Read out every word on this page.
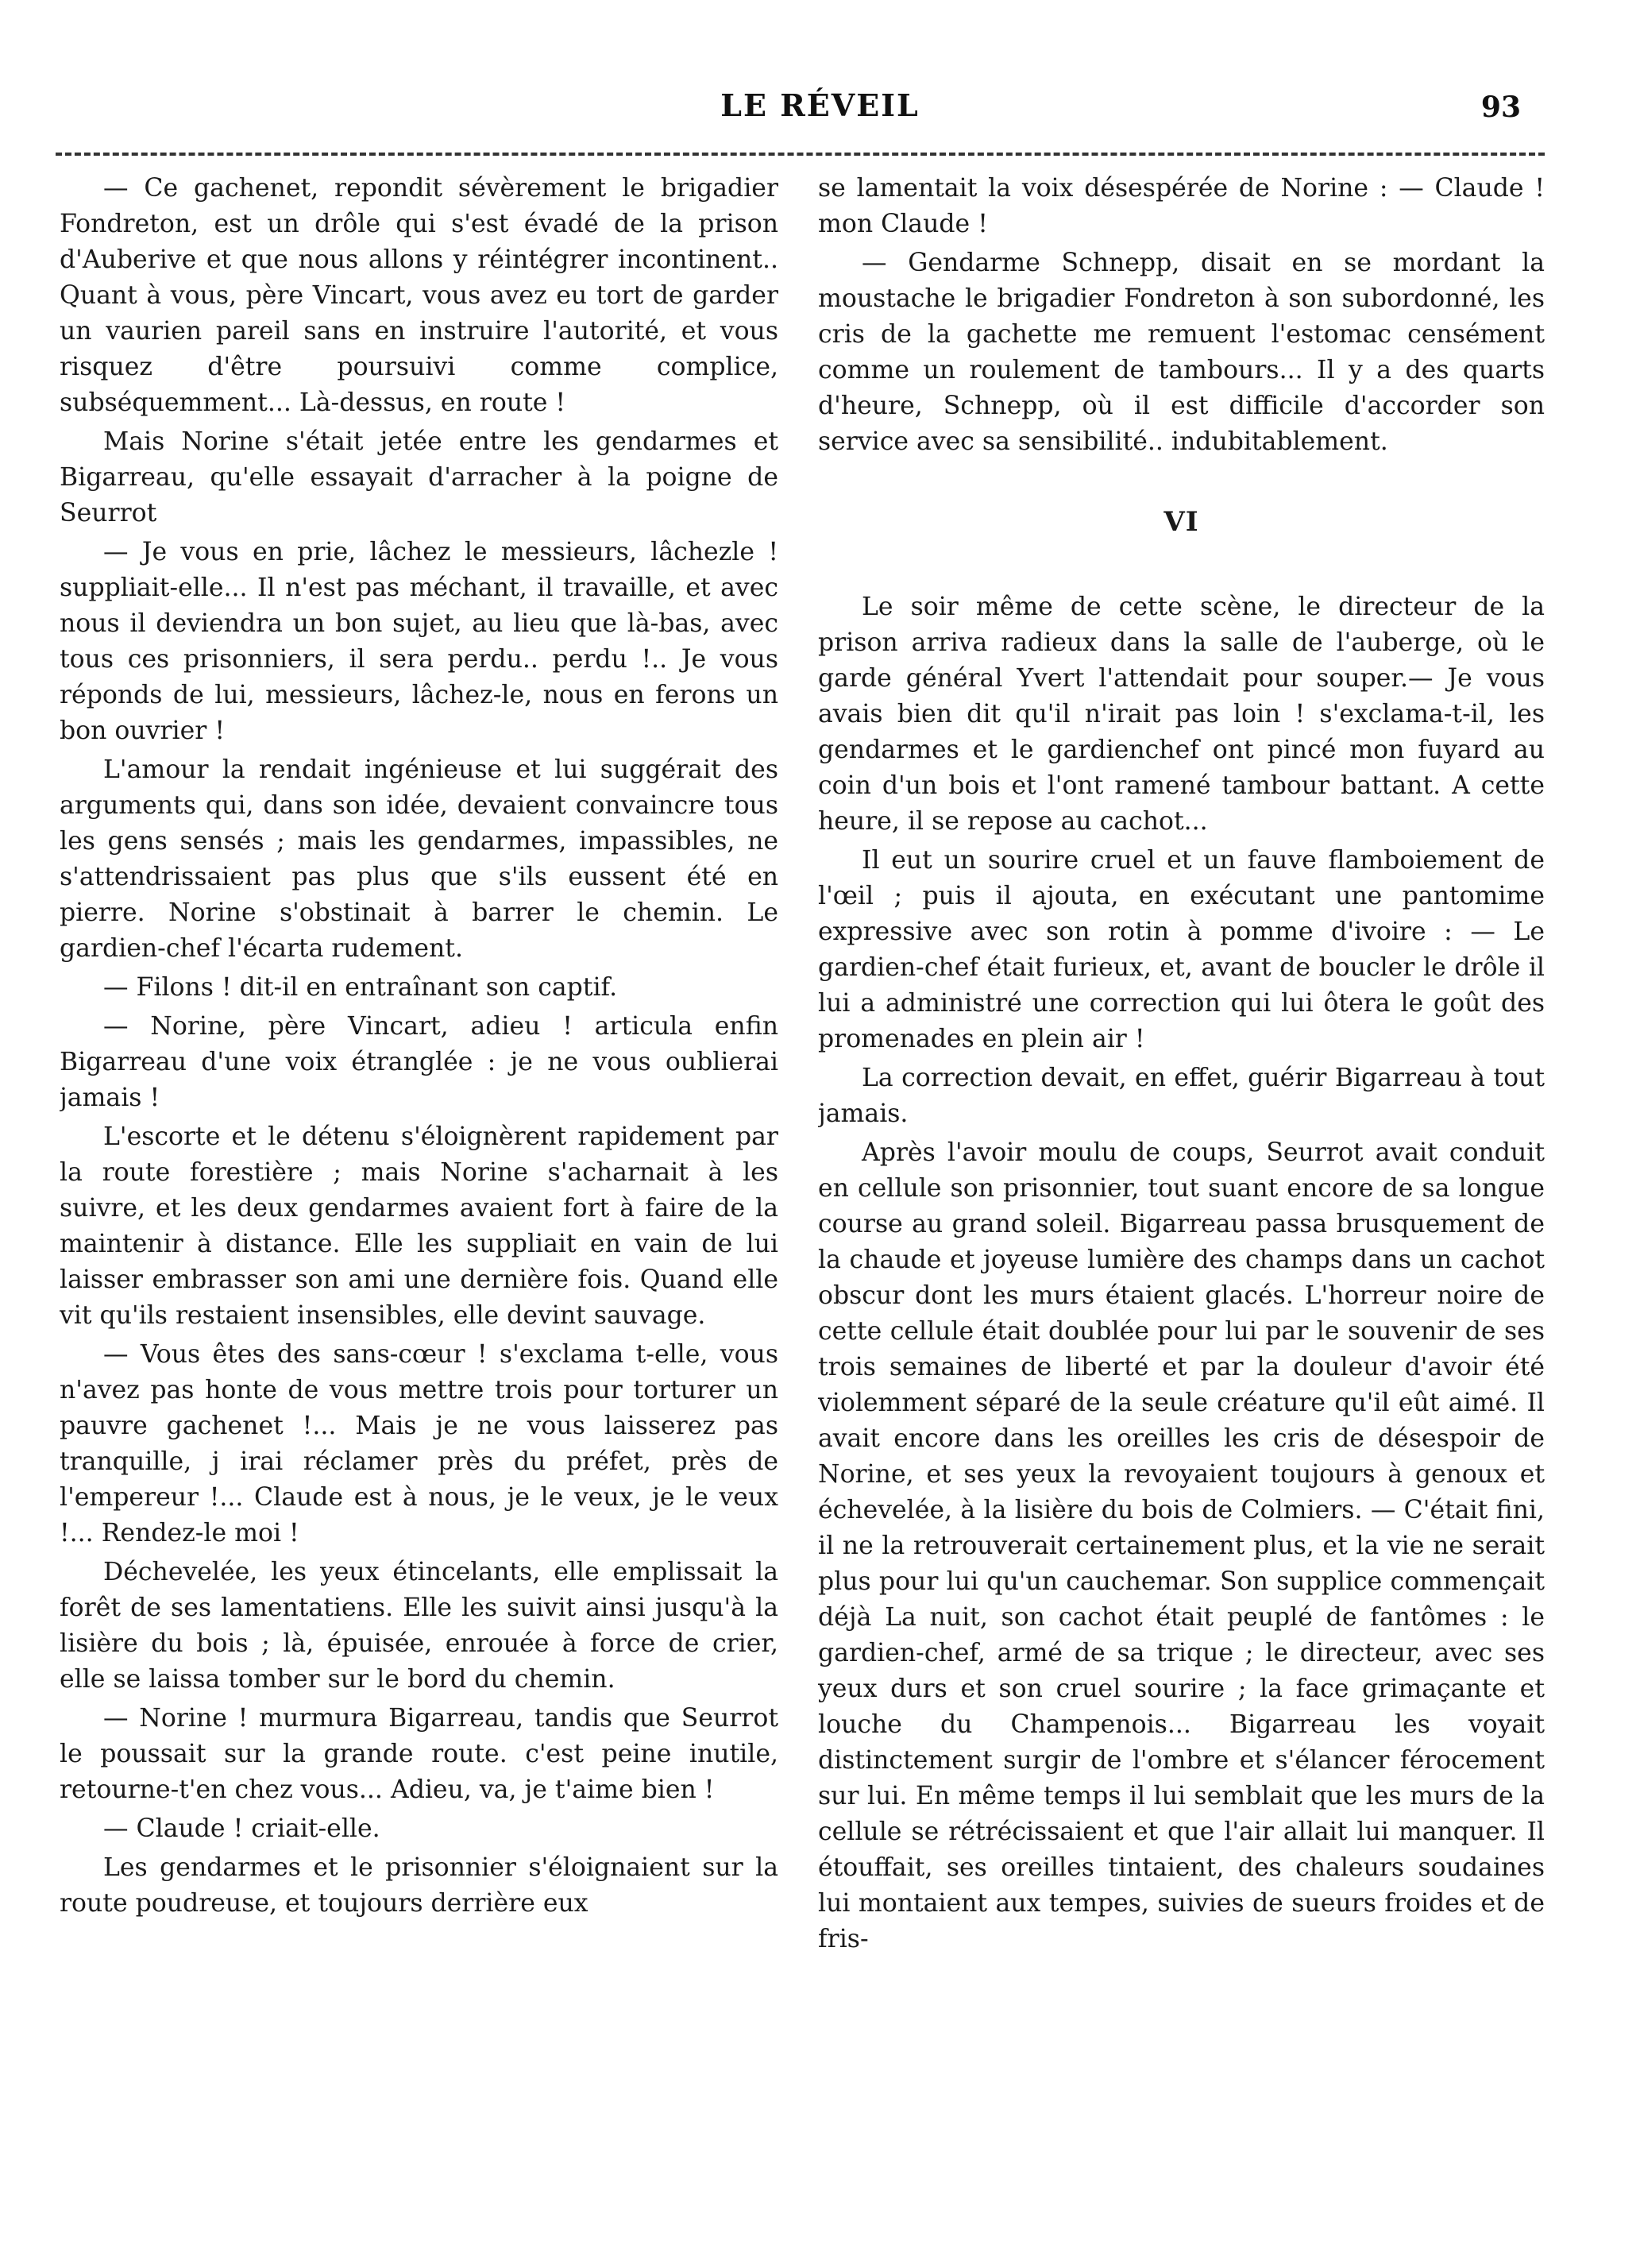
LE RÉVEIL	93

— Ce gachenet, repondit sévèrement le brigadier Fondreton, est un drôle qui s'est évadé de la prison d'Auberive et que nous allons y réintégrer incontinent.. Quant à vous, père Vincart, vous avez eu tort de garder un vaurien pareil sans en instruire l'autorité, et vous risquez d'être poursuivi comme complice, subséquemment... Là-dessus, en route !

Mais Norine s'était jetée entre les gendarmes et Bigarreau, qu'elle essayait d'arracher à la poigne de Seurrot

— Je vous en prie, lâchez le messieurs, lâchezle ! suppliait-elle... Il n'est pas méchant, il travaille, et avec nous il deviendra un bon sujet, au lieu que là-bas, avec tous ces prisonniers, il sera perdu.. perdu !.. Je vous réponds de lui, messieurs, lâchez-le, nous en ferons un bon ouvrier !

L'amour la rendait ingénieuse et lui suggérait des arguments qui, dans son idée, devaient convaincre tous les gens sensés ; mais les gendarmes, impassibles, ne s'attendrissaient pas plus que s'ils eussent été en pierre. Norine s'obstinait à barrer le chemin. Le gardien-chef l'écarta rudement.

— Filons ! dit-il en entraînant son captif.

— Norine, père Vincart, adieu ! articula enfin Bigarreau d'une voix étranglée : je ne vous oublierai jamais !

L'escorte et le détenu s'éloignèrent rapidement par la route forestière ; mais Norine s'acharnait à les suivre, et les deux gendarmes avaient fort à faire de la maintenir à distance. Elle les suppliait en vain de lui laisser embrasser son ami une dernière fois. Quand elle vit qu'ils restaient insensibles, elle devint sauvage.

— Vous êtes des sans-cœur ! s'exclama t-elle, vous n'avez pas honte de vous mettre trois pour torturer un pauvre gachenet !... Mais je ne vous laisserez pas tranquille, j irai réclamer près du préfet, près de l'empereur !... Claude est à nous, je le veux, je le veux !... Rendez-le moi !

Déchevelée, les yeux étincelants, elle emplissait la forêt de ses lamentatiens. Elle les suivit ainsi jusqu'à la lisière du bois ; là, épuisée, enrouée à force de crier, elle se laissa tomber sur le bord du chemin.

— Norine ! murmura Bigarreau, tandis que Seurrot le poussait sur la grande route. c'est peine inutile, retourne-t'en chez vous... Adieu, va, je t'aime bien !

— Claude ! criait-elle.

Les gendarmes et le prisonnier s'éloignaient sur la route poudreuse, et toujours derrière eux

se lamentait la voix désespérée de Norine : — Claude ! mon Claude !

— Gendarme Schnepp, disait en se mordant la moustache le brigadier Fondreton à son subordonné, les cris de la gachette me remuent l'estomac censément comme un roulement de tambours... Il y a des quarts d'heure, Schnepp, où il est difficile d'accorder son service avec sa sensibilité.. indubitablement.

VI

Le soir même de cette scène, le directeur de la prison arriva radieux dans la salle de l'auberge, où le garde général Yvert l'attendait pour souper.— Je vous avais bien dit qu'il n'irait pas loin ! s'exclama-t-il, les gendarmes et le gardienchef ont pincé mon fuyard au coin d'un bois et l'ont ramené tambour battant. A cette heure, il se repose au cachot...

Il eut un sourire cruel et un fauve flamboiement de l'œil ; puis il ajouta, en exécutant une pantomime expressive avec son rotin à pomme d'ivoire : — Le gardien-chef était furieux, et, avant de boucler le drôle il lui a administré une correction qui lui ôtera le goût des promenades en plein air !

La correction devait, en effet, guérir Bigarreau à tout jamais.

Après l'avoir moulu de coups, Seurrot avait conduit en cellule son prisonnier, tout suant encore de sa longue course au grand soleil. Bigarreau passa brusquement de la chaude et joyeuse lumière des champs dans un cachot obscur dont les murs étaient glacés. L'horreur noire de cette cellule était doublée pour lui par le souvenir de ses trois semaines de liberté et par la douleur d'avoir été violemment séparé de la seule créature qu'il eût aimé. Il avait encore dans les oreilles les cris de désespoir de Norine, et ses yeux la revoyaient toujours à genoux et échevelée, à la lisière du bois de Colmiers. — C'était fini, il ne la retrouverait certainement plus, et la vie ne serait plus pour lui qu'un cauchemar. Son supplice commençait déjà La nuit, son cachot était peuplé de fantômes : le gardien-chef, armé de sa trique ; le directeur, avec ses yeux durs et son cruel sourire ; la face grimaçante et louche du Champenois... Bigarreau les voyait distinctement surgir de l'ombre et s'élancer férocement sur lui. En même temps il lui semblait que les murs de la cellule se rétrécissaient et que l'air allait lui manquer. Il étouffait, ses oreilles tintaient, des chaleurs soudaines lui montaient aux tempes, suivies de sueurs froides et de fris-
